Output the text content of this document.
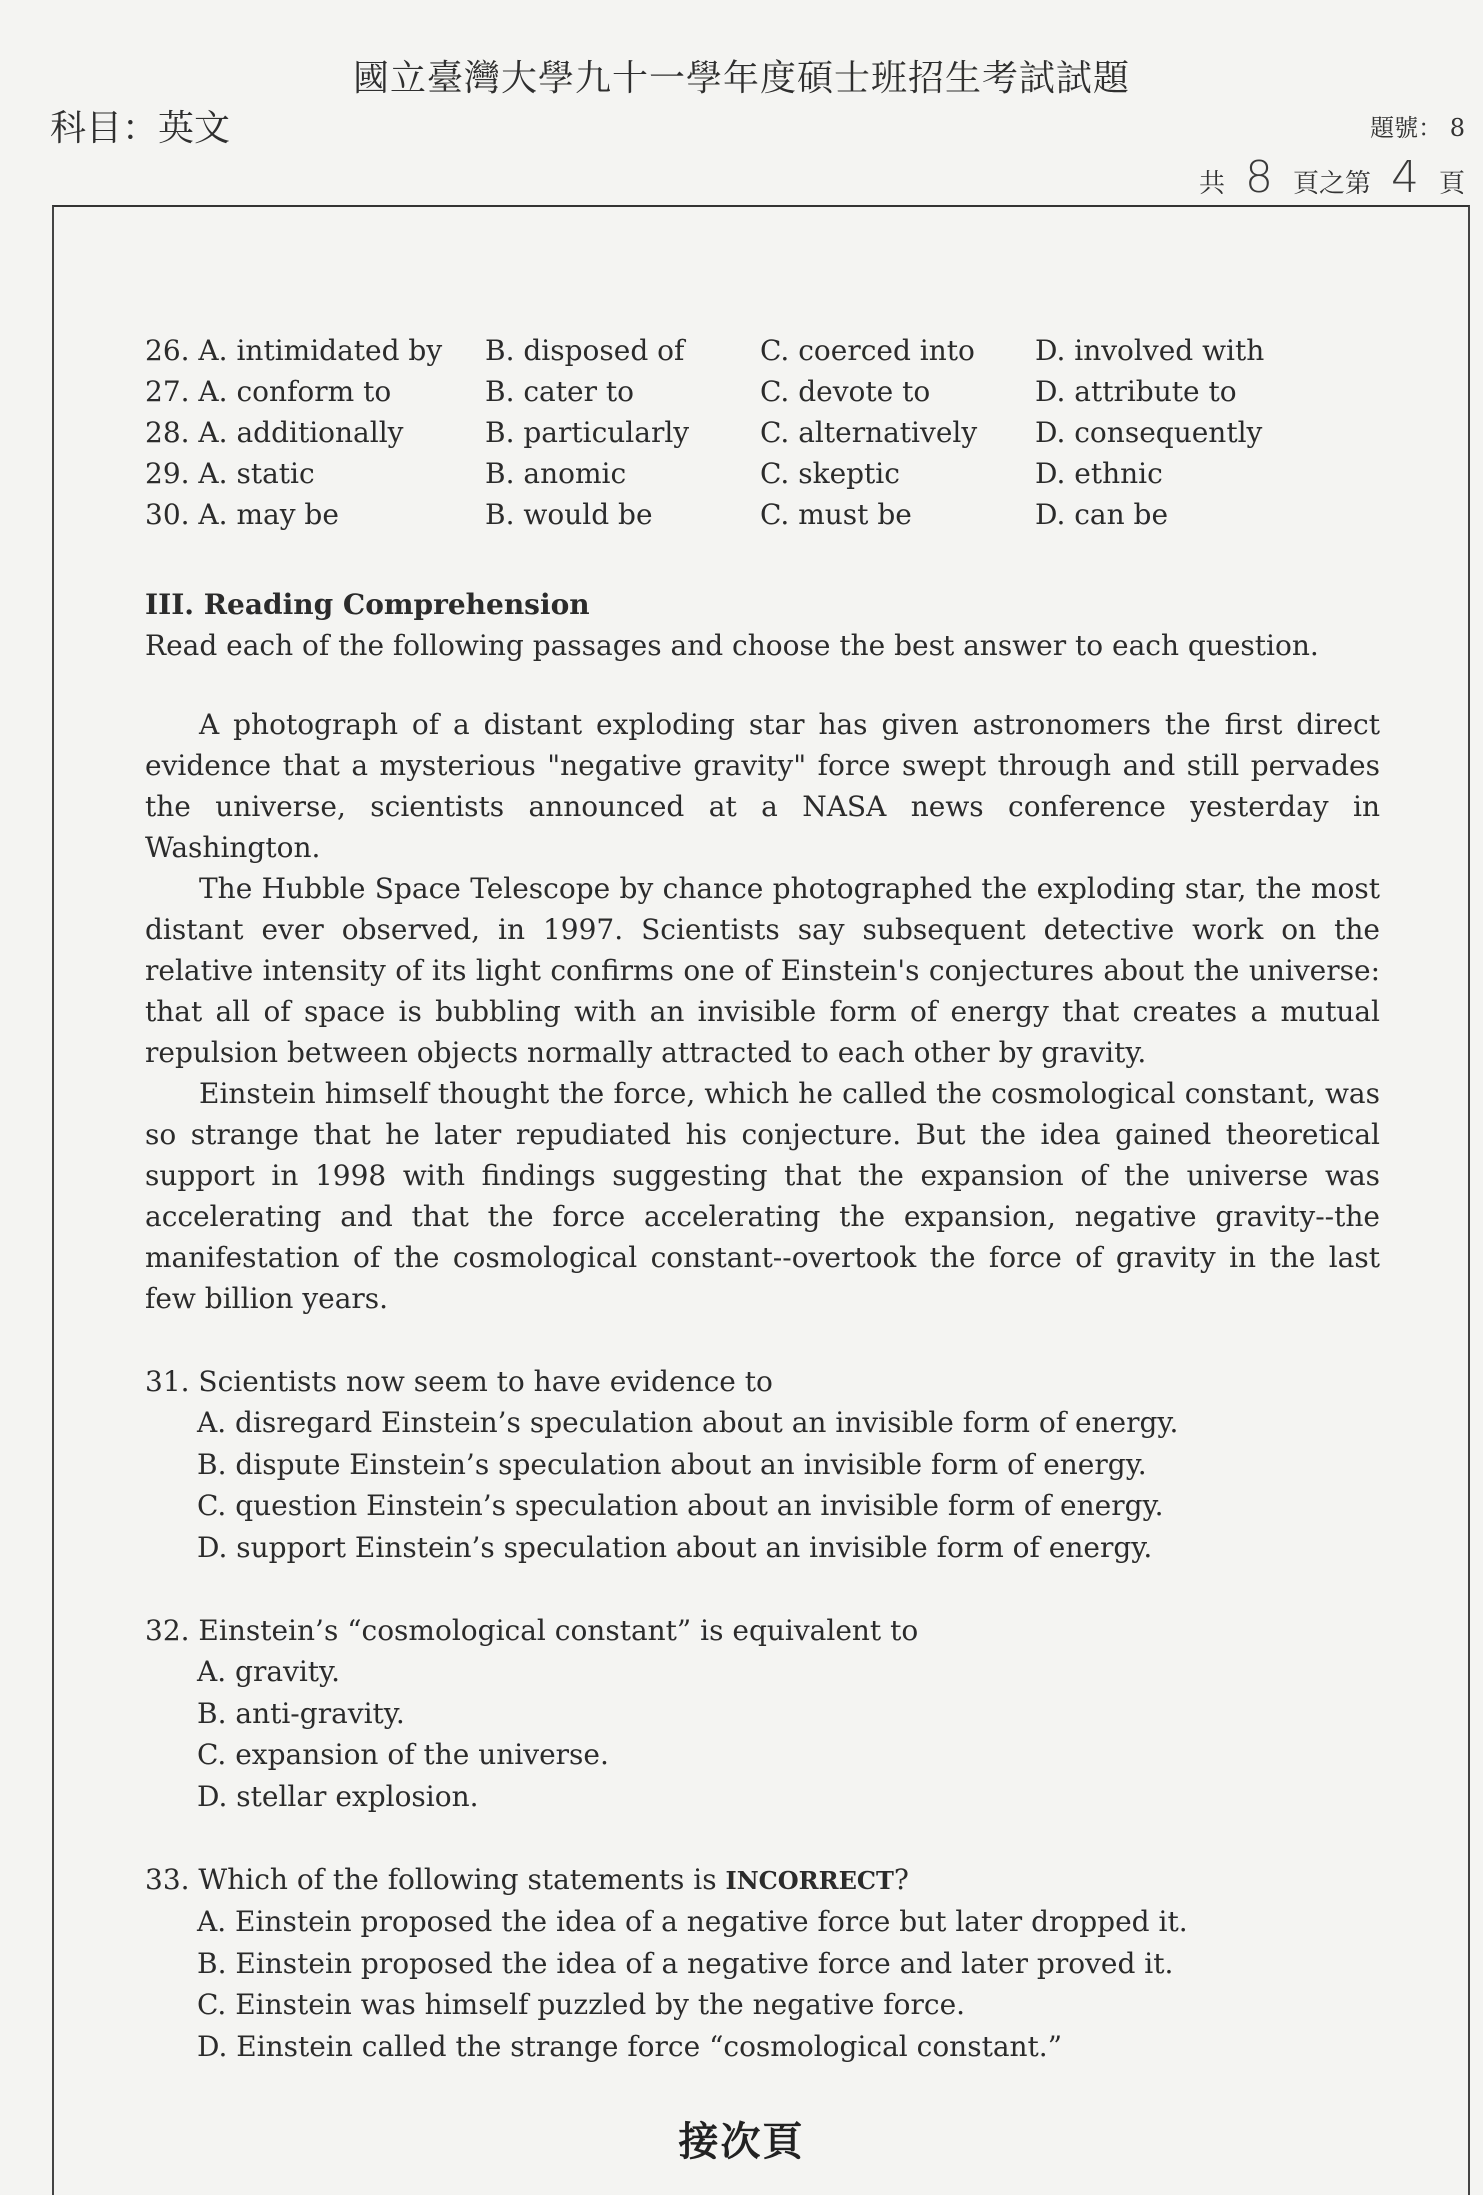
國立臺灣大學九十一學年度碩士班招生考試試題
科目：英文	題號： 8
共 8 頁之第 4 頁
26. A. intimidated by	B. disposed of	C. coerced into	D. involved with
27. A. conform to	B. cater to	C. devote to	D. attribute to
28. A. additionally	B. particularly	C. alternatively	D. consequently
29. A. static	B. anomic	C. skeptic	D. ethnic
30. A. may be	B. would be	C. must be	D. can be
III. Reading Comprehension
Read each of the following passages and choose the best answer to each question.

A photograph of a distant exploding star has given astronomers the first direct evidence that a mysterious "negative gravity" force swept through and still pervades the universe, scientists announced at a NASA news conference yesterday in Washington.

The Hubble Space Telescope by chance photographed the exploding star, the most distant ever observed, in 1997. Scientists say subsequent detective work on the relative intensity of its light confirms one of Einstein's conjectures about the universe: that all of space is bubbling with an invisible form of energy that creates a mutual repulsion between objects normally attracted to each other by gravity.

Einstein himself thought the force, which he called the cosmological constant, was so strange that he later repudiated his conjecture. But the idea gained theoretical support in 1998 with findings suggesting that the expansion of the universe was accelerating and that the force accelerating the expansion, negative gravity--the manifestation of the cosmological constant--overtook the force of gravity in the last few billion years.

31. Scientists now seem to have evidence to
A. disregard Einstein’s speculation about an invisible form of energy.
B. dispute Einstein’s speculation about an invisible form of energy.
C. question Einstein’s speculation about an invisible form of energy.
D. support Einstein’s speculation about an invisible form of energy.
32. Einstein’s “cosmological constant” is equivalent to
A. gravity.
B. anti-gravity.
C. expansion of the universe.
D. stellar explosion.
33. Which of the following statements is INCORRECT?
A. Einstein proposed the idea of a negative force but later dropped it.
B. Einstein proposed the idea of a negative force and later proved it.
C. Einstein was himself puzzled by the negative force.
D. Einstein called the strange force “cosmological constant.”
接次頁
